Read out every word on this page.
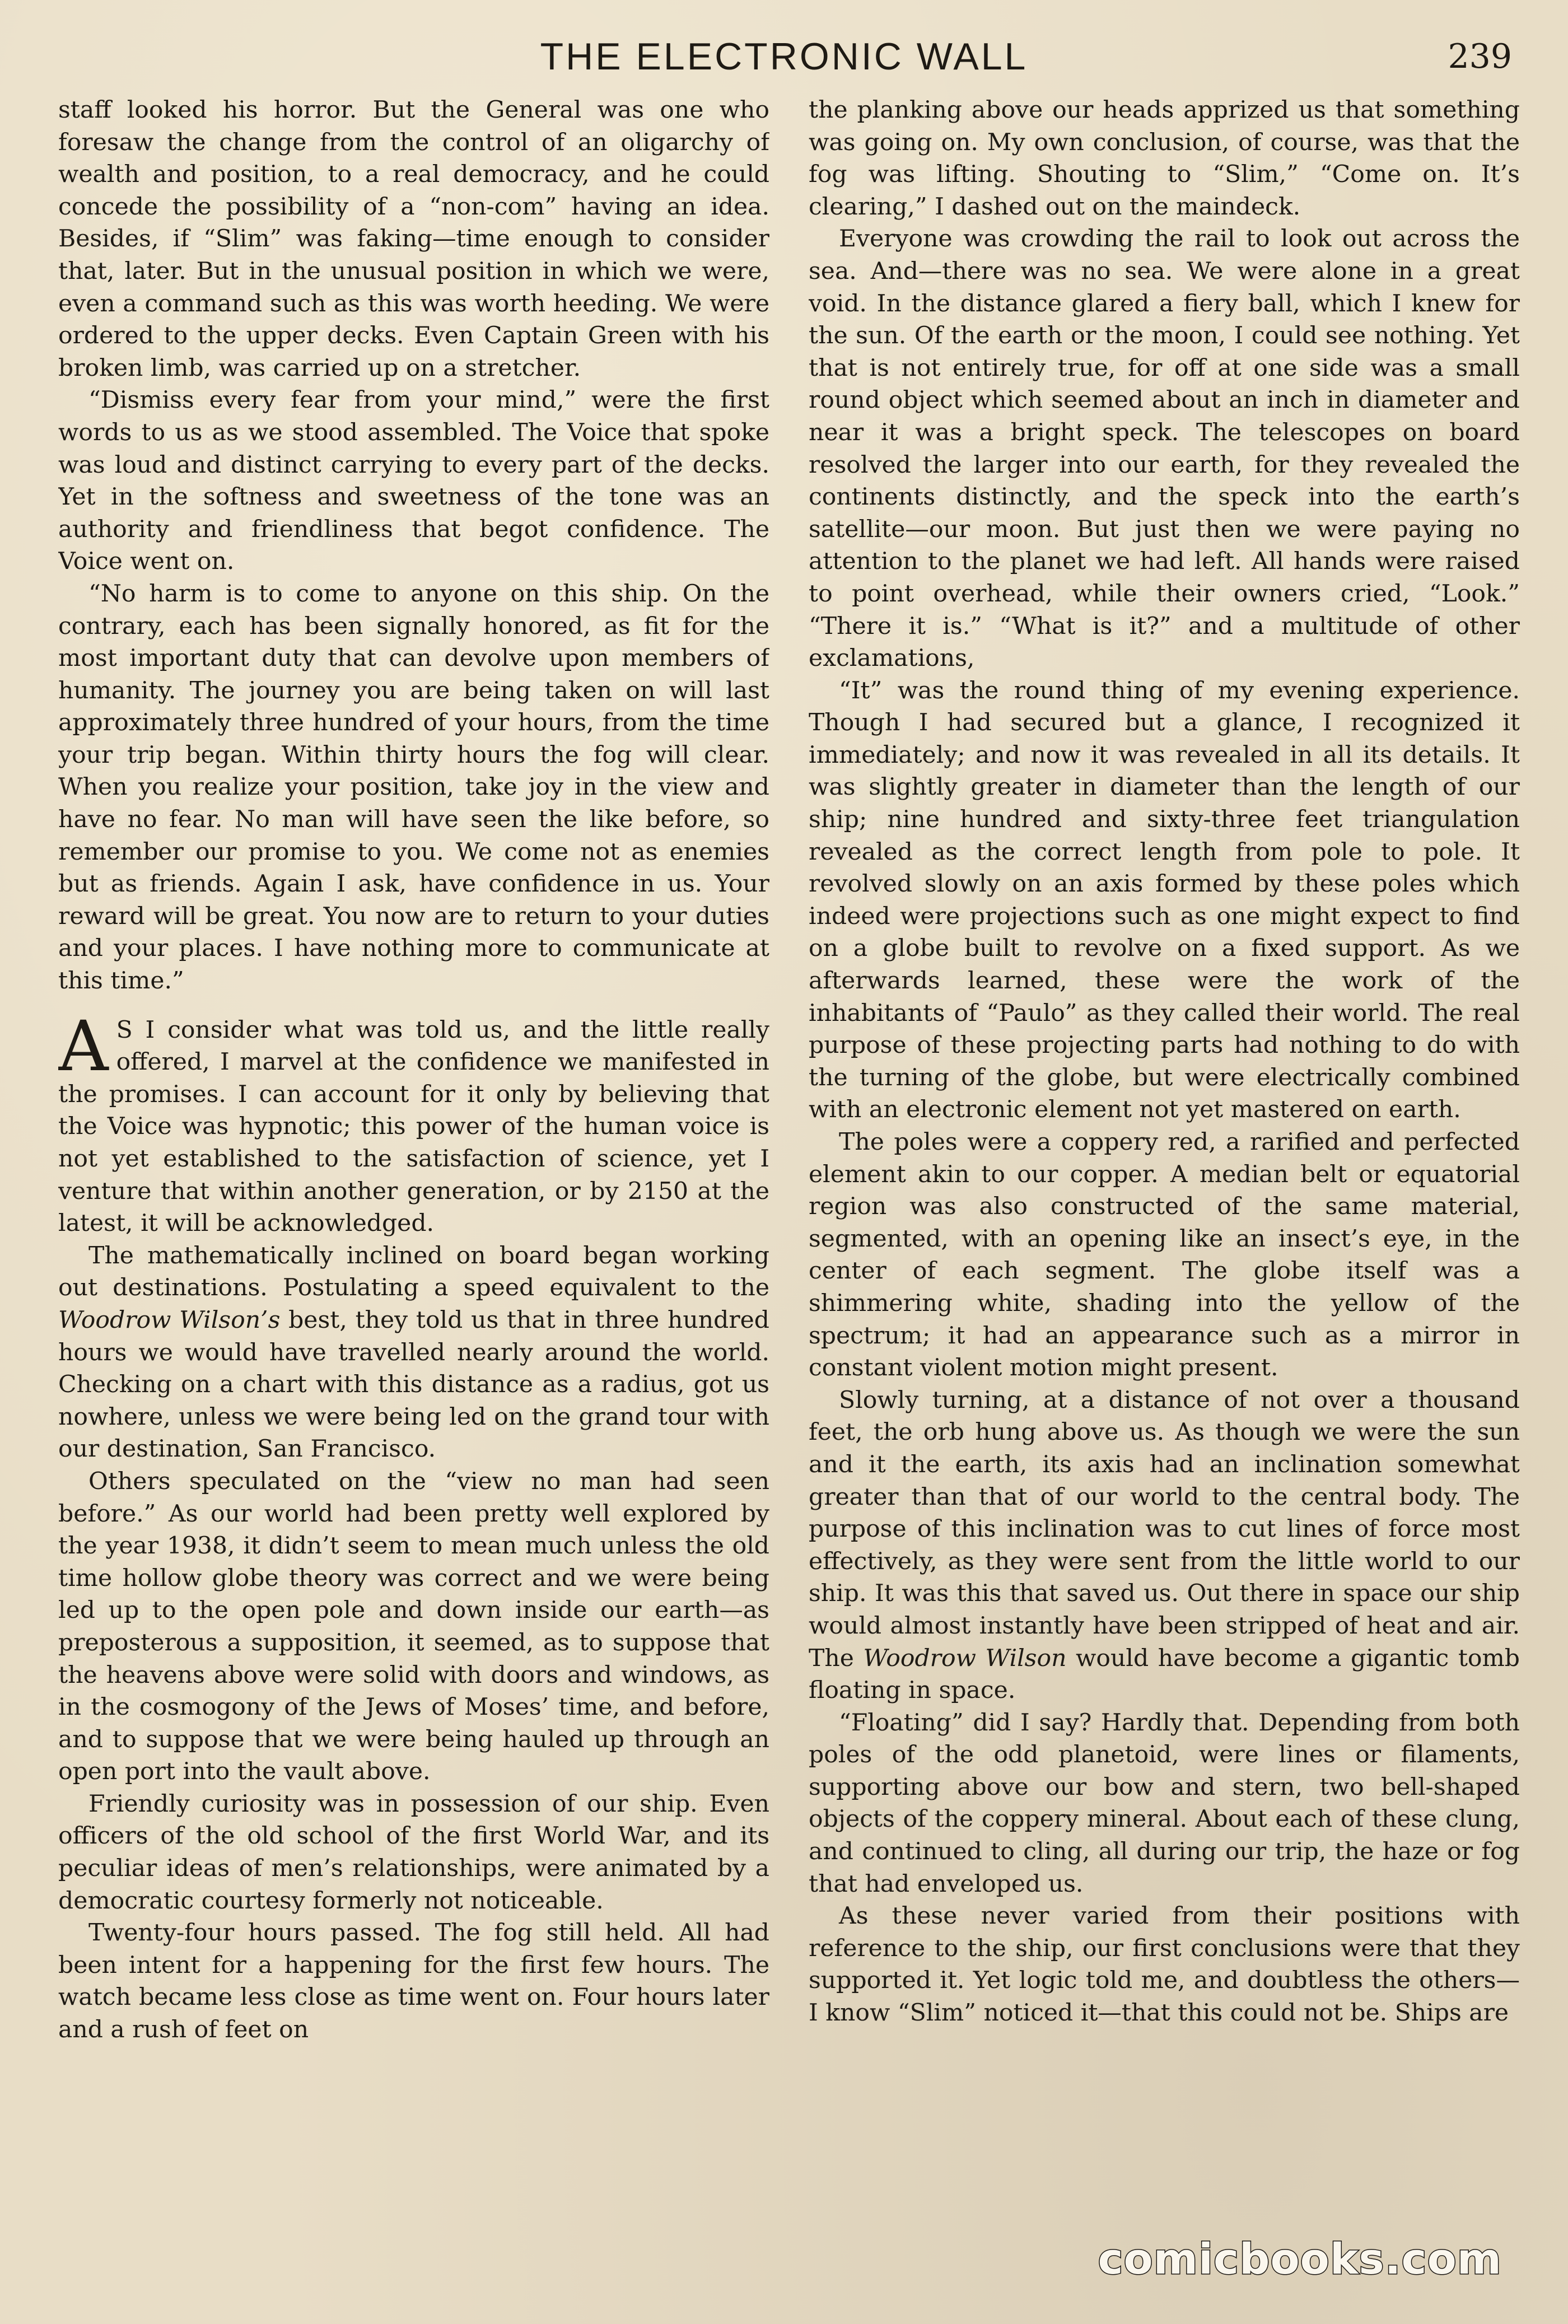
THE ELECTRONIC WALL	239

staff looked his horror. But the General was one who foresaw the change from the control of an oligarchy of wealth and position, to a real democracy, and he could concede the possibility of a “non-com” having an idea. Besides, if “Slim” was faking—time enough to consider that, later. But in the unusual position in which we were, even a command such as this was worth heeding. We were ordered to the upper decks. Even Captain Green with his broken limb, was carried up on a stretcher.

“Dismiss every fear from your mind,” were the first words to us as we stood assembled. The Voice that spoke was loud and distinct carrying to every part of the decks. Yet in the softness and sweetness of the tone was an authority and friendliness that begot confidence. The Voice went on.

“No harm is to come to anyone on this ship. On the contrary, each has been signally honored, as fit for the most important duty that can devolve upon members of humanity. The journey you are being taken on will last approximately three hundred of your hours, from the time your trip began. Within thirty hours the fog will clear. When you realize your position, take joy in the view and have no fear. No man will have seen the like before, so remember our promise to you. We come not as enemies but as friends. Again I ask, have confidence in us. Your reward will be great. You now are to return to your duties and your places. I have nothing more to communicate at this time.”

A S I consider what was told us, and the little really offered, I marvel at the confidence we manifested in the promises. I can account for it only by believing that the Voice was hypnotic; this power of the human voice is not yet established to the satisfaction of science, yet I venture that within another generation, or by 2150 at the latest, it will be acknowledged.

The mathematically inclined on board began working out destinations. Postulating a speed equivalent to the Woodrow Wilson’s best, they told us that in three hundred hours we would have travelled nearly around the world. Checking on a chart with this distance as a radius, got us nowhere, unless we were being led on the grand tour with our destination, San Francisco.

Others speculated on the “view no man had seen before.” As our world had been pretty well explored by the year 1938, it didn’t seem to mean much unless the old time hollow globe theory was correct and we were being led up to the open pole and down inside our earth—as preposterous a supposition, it seemed, as to suppose that the heavens above were solid with doors and windows, as in the cosmogony of the Jews of Moses’ time, and before, and to suppose that we were being hauled up through an open port into the vault above.

Friendly curiosity was in possession of our ship. Even officers of the old school of the first World War, and its peculiar ideas of men’s relationships, were animated by a democratic courtesy formerly not noticeable.

Twenty-four hours passed. The fog still held. All had been intent for a happening for the first few hours. The watch became less close as time went on. Four hours later and a rush of feet on

the planking above our heads apprized us that something was going on. My own conclusion, of course, was that the fog was lifting. Shouting to “Slim,” “Come on. It’s clearing,” I dashed out on the maindeck.

Everyone was crowding the rail to look out across the sea. And—there was no sea. We were alone in a great void. In the distance glared a fiery ball, which I knew for the sun. Of the earth or the moon, I could see nothing. Yet that is not entirely true, for off at one side was a small round object which seemed about an inch in diameter and near it was a bright speck. The telescopes on board resolved the larger into our earth, for they revealed the continents distinctly, and the speck into the earth’s satellite—our moon. But just then we were paying no attention to the planet we had left. All hands were raised to point overhead, while their owners cried, “Look.” “There it is.” “What is it?” and a multitude of other exclamations,

“It” was the round thing of my evening experience. Though I had secured but a glance, I recognized it immediately; and now it was revealed in all its details. It was slightly greater in diameter than the length of our ship; nine hundred and sixty-three feet triangulation revealed as the correct length from pole to pole. It revolved slowly on an axis formed by these poles which indeed were projections such as one might expect to find on a globe built to revolve on a fixed support. As we afterwards learned, these were the work of the inhabitants of “Paulo” as they called their world. The real purpose of these projecting parts had nothing to do with the turning of the globe, but were electrically combined with an electronic element not yet mastered on earth.

The poles were a coppery red, a rarified and perfected element akin to our copper. A median belt or equatorial region was also constructed of the same material, segmented, with an opening like an insect’s eye, in the center of each segment. The globe itself was a shimmering white, shading into the yellow of the spectrum; it had an appearance such as a mirror in constant violent motion might present.

Slowly turning, at a distance of not over a thousand feet, the orb hung above us. As though we were the sun and it the earth, its axis had an inclination somewhat greater than that of our world to the central body. The purpose of this inclination was to cut lines of force most effectively, as they were sent from the little world to our ship. It was this that saved us. Out there in space our ship would almost instantly have been stripped of heat and air. The Woodrow Wilson would have become a gigantic tomb floating in space.

“Floating” did I say? Hardly that. Depending from both poles of the odd planetoid, were lines or filaments, supporting above our bow and stern, two bell-shaped objects of the coppery mineral. About each of these clung, and continued to cling, all during our trip, the haze or fog that had enveloped us.

As these never varied from their positions with reference to the ship, our first conclusions were that they supported it. Yet logic told me, and doubtless the others—I know “Slim” noticed it—that this could not be. Ships are

comicbooks.com
